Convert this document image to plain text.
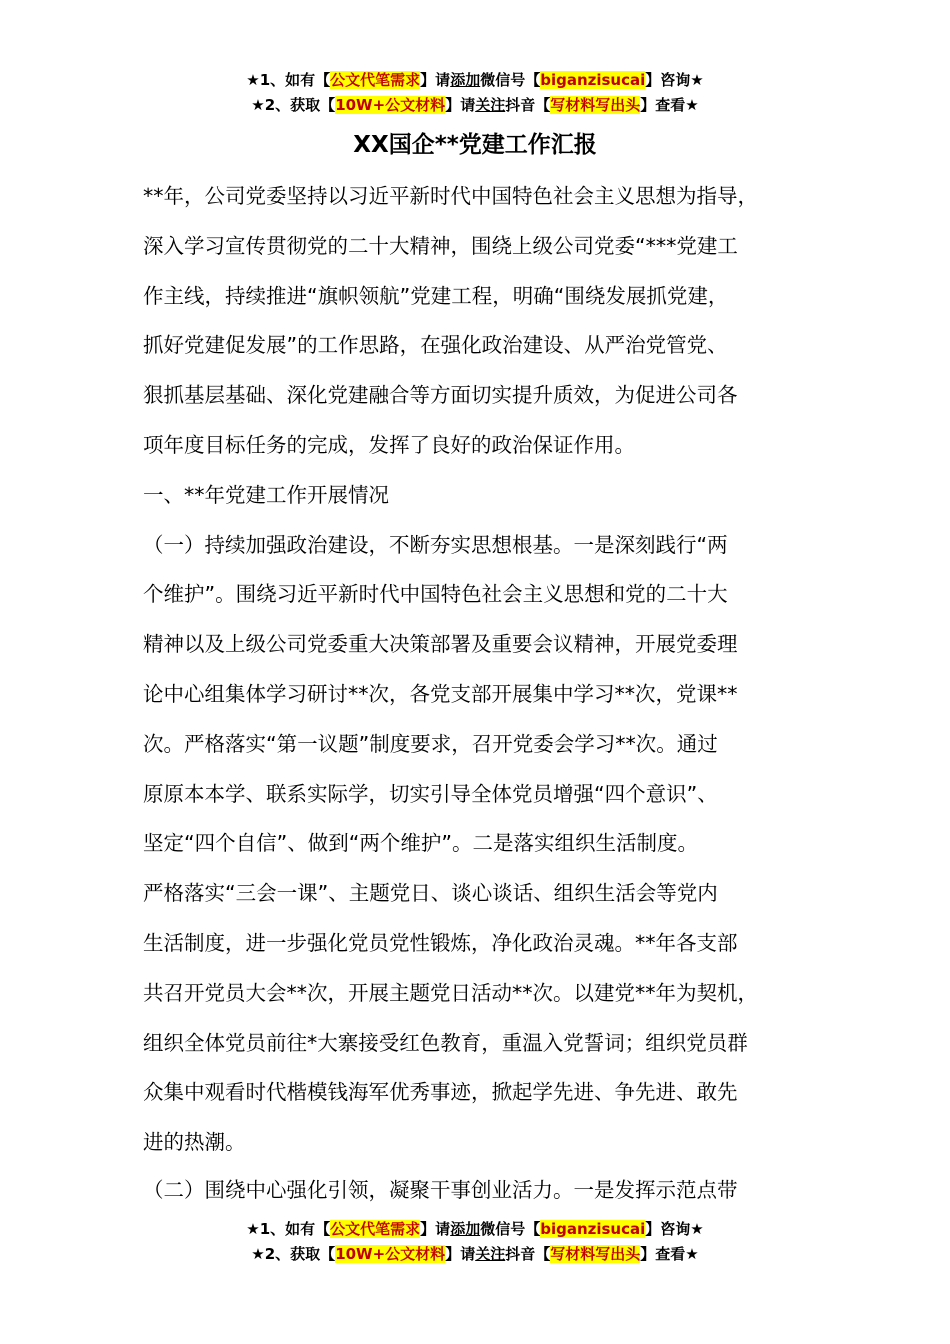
★1、如有【公文代笔需求】请添加微信号【biganzisucai】咨询★
★2、获取【10W+公文材料】请关注抖音【写材料写出头】查看★
XX国企**党建工作汇报
**年，公司党委坚持以习近平新时代中国特色社会主义思想为指导，
深入学习宣传贯彻党的二十大精神，围绕上级公司党委“***党建工
作主线，持续推进“旗帜领航”党建工程，明确“围绕发展抓党建，
抓好党建促发展”的工作思路，在强化政治建设、从严治党管党、
狠抓基层基础、深化党建融合等方面切实提升质效，为促进公司各
项年度目标任务的完成，发挥了良好的政治保证作用。
一、**年党建工作开展情况
（一）持续加强政治建设，不断夯实思想根基。一是深刻践行“两
个维护”。围绕习近平新时代中国特色社会主义思想和党的二十大
精神以及上级公司党委重大决策部署及重要会议精神，开展党委理
论中心组集体学习研讨**次，各党支部开展集中学习**次，党课**
次。严格落实“第一议题”制度要求，召开党委会学习**次。通过
原原本本学、联系实际学，切实引导全体党员增强“四个意识”、
坚定“四个自信”、做到“两个维护”。二是落实组织生活制度。
严格落实“三会一课”、主题党日、谈心谈话、组织生活会等党内
生活制度，进一步强化党员党性锻炼，净化政治灵魂。**年各支部
共召开党员大会**次，开展主题党日活动**次。以建党**年为契机，
组织全体党员前往*大寨接受红色教育，重温入党誓词；组织党员群
众集中观看时代楷模钱海军优秀事迹，掀起学先进、争先进、敢先
进的热潮。
（二）围绕中心强化引领，凝聚干事创业活力。一是发挥示范点带
★1、如有【公文代笔需求】请添加微信号【biganzisucai】咨询★
★2、获取【10W+公文材料】请关注抖音【写材料写出头】查看★
